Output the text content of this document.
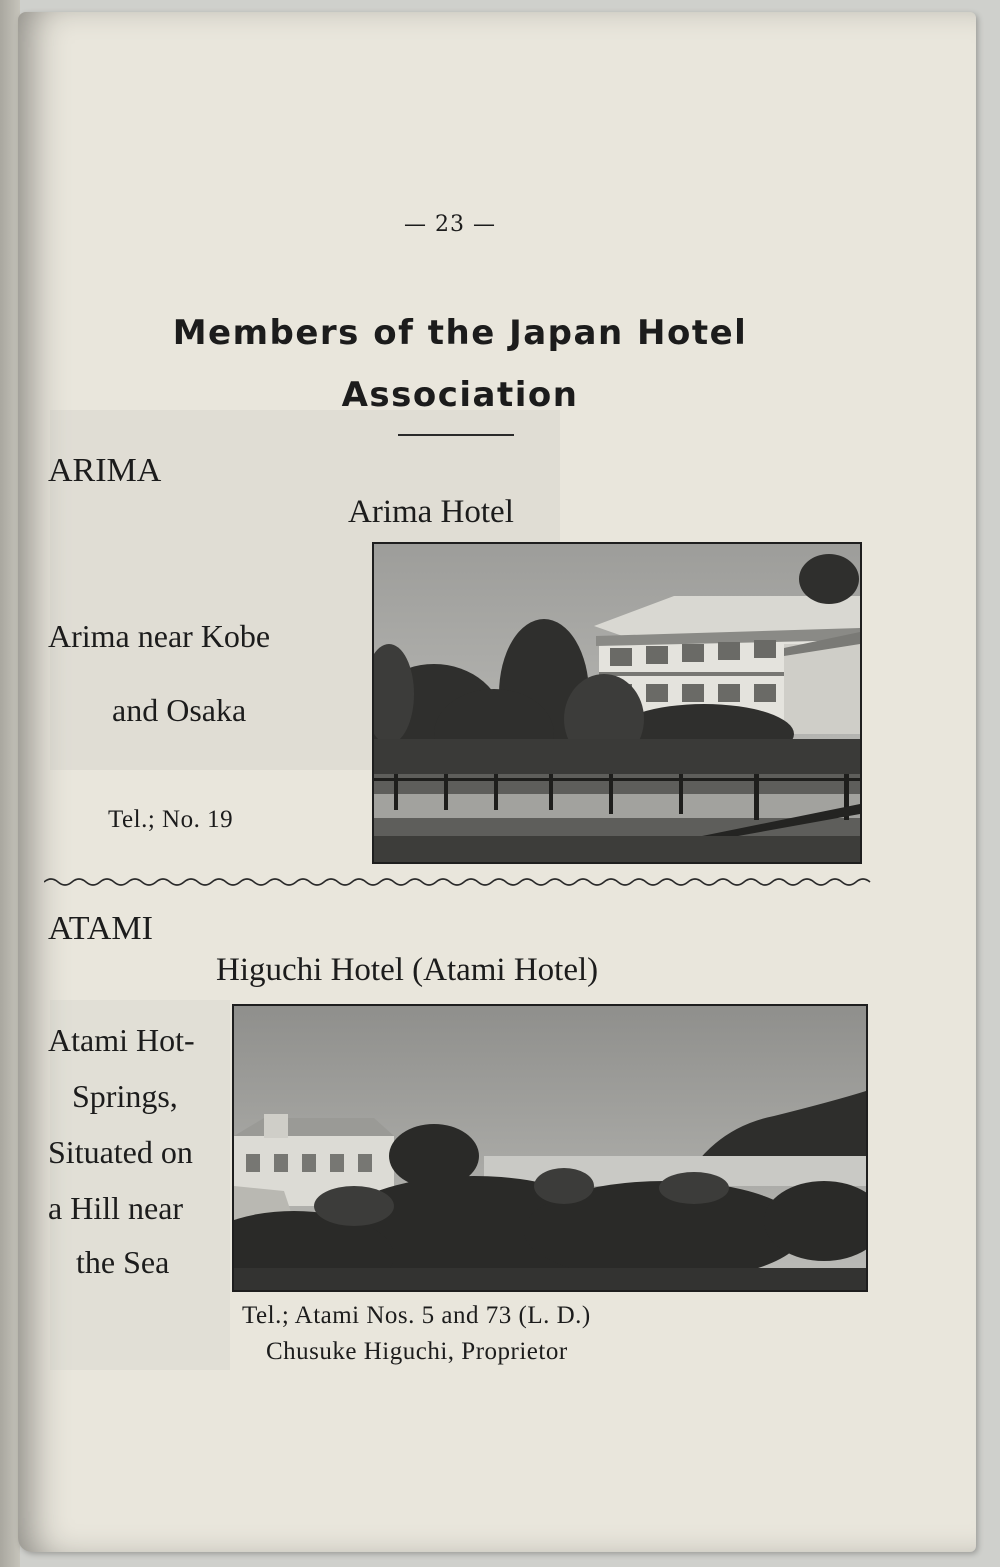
— 23 —
Members of the Japan Hotel
Association
ARIMA
Arima Hotel
Arima near Kobe
and Osaka
Tel.; No. 19
ATAMI
Higuchi Hotel (Atami Hotel)
Atami Hot-
Springs,
Situated on
a Hill near
the Sea
Tel.; Atami Nos. 5 and 73 (L. D.)
Chusuke Higuchi, Proprietor
